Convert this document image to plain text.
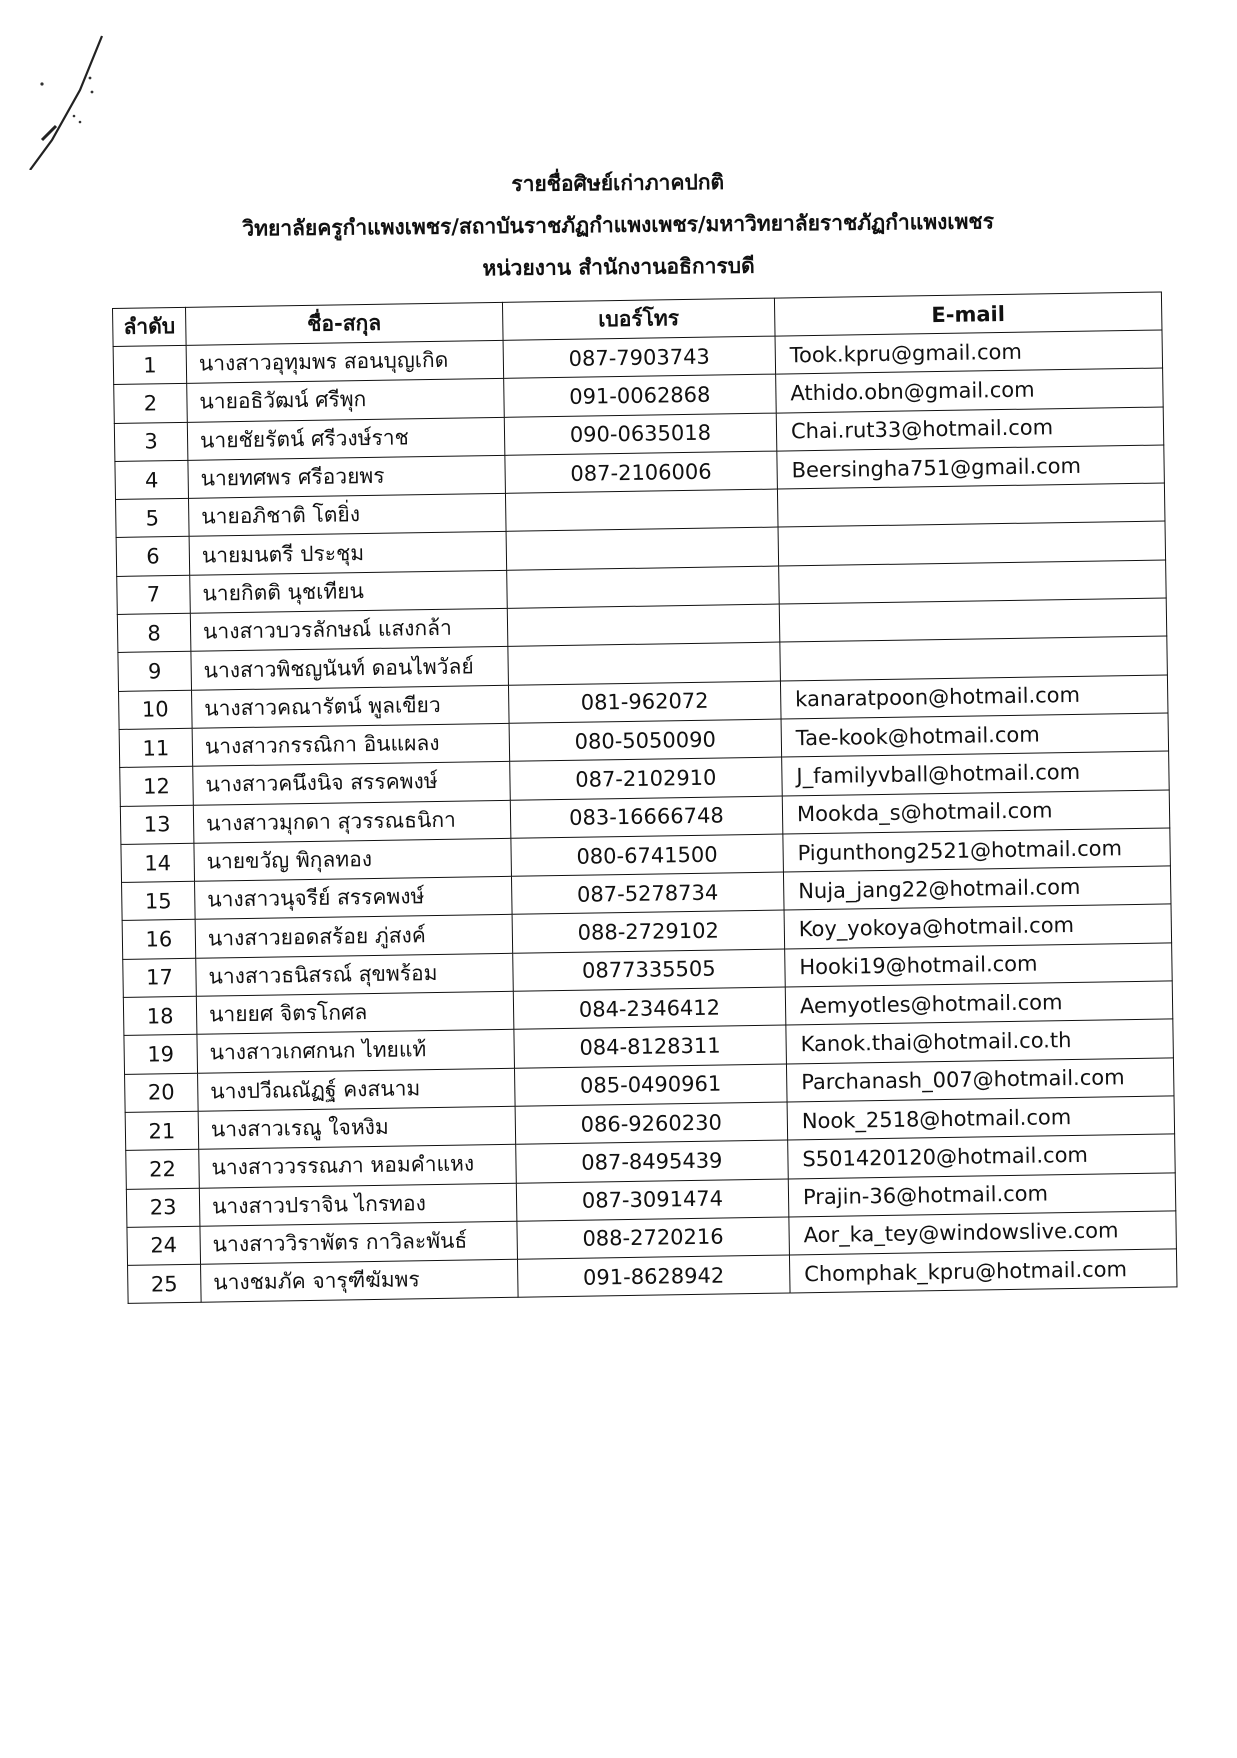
รายชื่อศิษย์เก่าภาคปกติ
วิทยาลัยครูกำแพงเพชร/สถาบันราชภัฏกำแพงเพชร/มหาวิทยาลัยราชภัฏกำแพงเพชร
หน่วยงาน สำนักงานอธิการบดี
ลำดับ	ชื่อ-สกุล	เบอร์โทร	E-mail
1	นางสาวอุทุมพร สอนบุญเกิด	087-7903743	Took.kpru@gmail.com
2	นายอธิวัฒน์ ศรีพุก	091-0062868	Athido.obn@gmail.com
3	นายชัยรัตน์ ศรีวงษ์ราช	090-0635018	Chai.rut33@hotmail.com
4	นายทศพร ศรีอวยพร	087-2106006	Beersingha751@gmail.com
5	นายอภิชาติ โตยิ่ง		
6	นายมนตรี ประชุม		
7	นายกิตติ นุชเทียน		
8	นางสาวบวรลักษณ์ แสงกล้า		
9	นางสาวพิชญนันท์ ดอนไพวัลย์		
10	นางสาวคณารัตน์ พูลเขียว	081-962072	kanaratpoon@hotmail.com
11	นางสาวกรรณิกา อินแผลง	080-5050090	Tae-kook@hotmail.com
12	นางสาวคนึงนิจ สรรคพงษ์	087-2102910	J_familyvball@hotmail.com
13	นางสาวมุกดา สุวรรณธนิกา	083-16666748	Mookda_s@hotmail.com
14	นายขวัญ พิกุลทอง	080-6741500	Pigunthong2521@hotmail.com
15	นางสาวนุจรีย์ สรรคพงษ์	087-5278734	Nuja_jang22@hotmail.com
16	นางสาวยอดสร้อย ภู่สงค์	088-2729102	Koy_yokoya@hotmail.com
17	นางสาวธนิสรณ์ สุขพร้อม	0877335505	Hooki19@hotmail.com
18	นายยศ จิตรโกศล	084-2346412	Aemyotles@hotmail.com
19	นางสาวเกศกนก ไทยแท้	084-8128311	Kanok.thai@hotmail.co.th
20	นางปวีณณัฏฐ์ คงสนาม	085-0490961	Parchanash_007@hotmail.com
21	นางสาวเรณู ใจหงิม	086-9260230	Nook_2518@hotmail.com
22	นางสาววรรณภา หอมคำแหง	087-8495439	S501420120@hotmail.com
23	นางสาวปราจิน ไกรทอง	087-3091474	Prajin-36@hotmail.com
24	นางสาววิราพัตร กาวิละพันธ์	088-2720216	Aor_ka_tey@windowslive.com
25	นางชมภัค จารุฑีฆัมพร	091-8628942	Chomphak_kpru@hotmail.com
